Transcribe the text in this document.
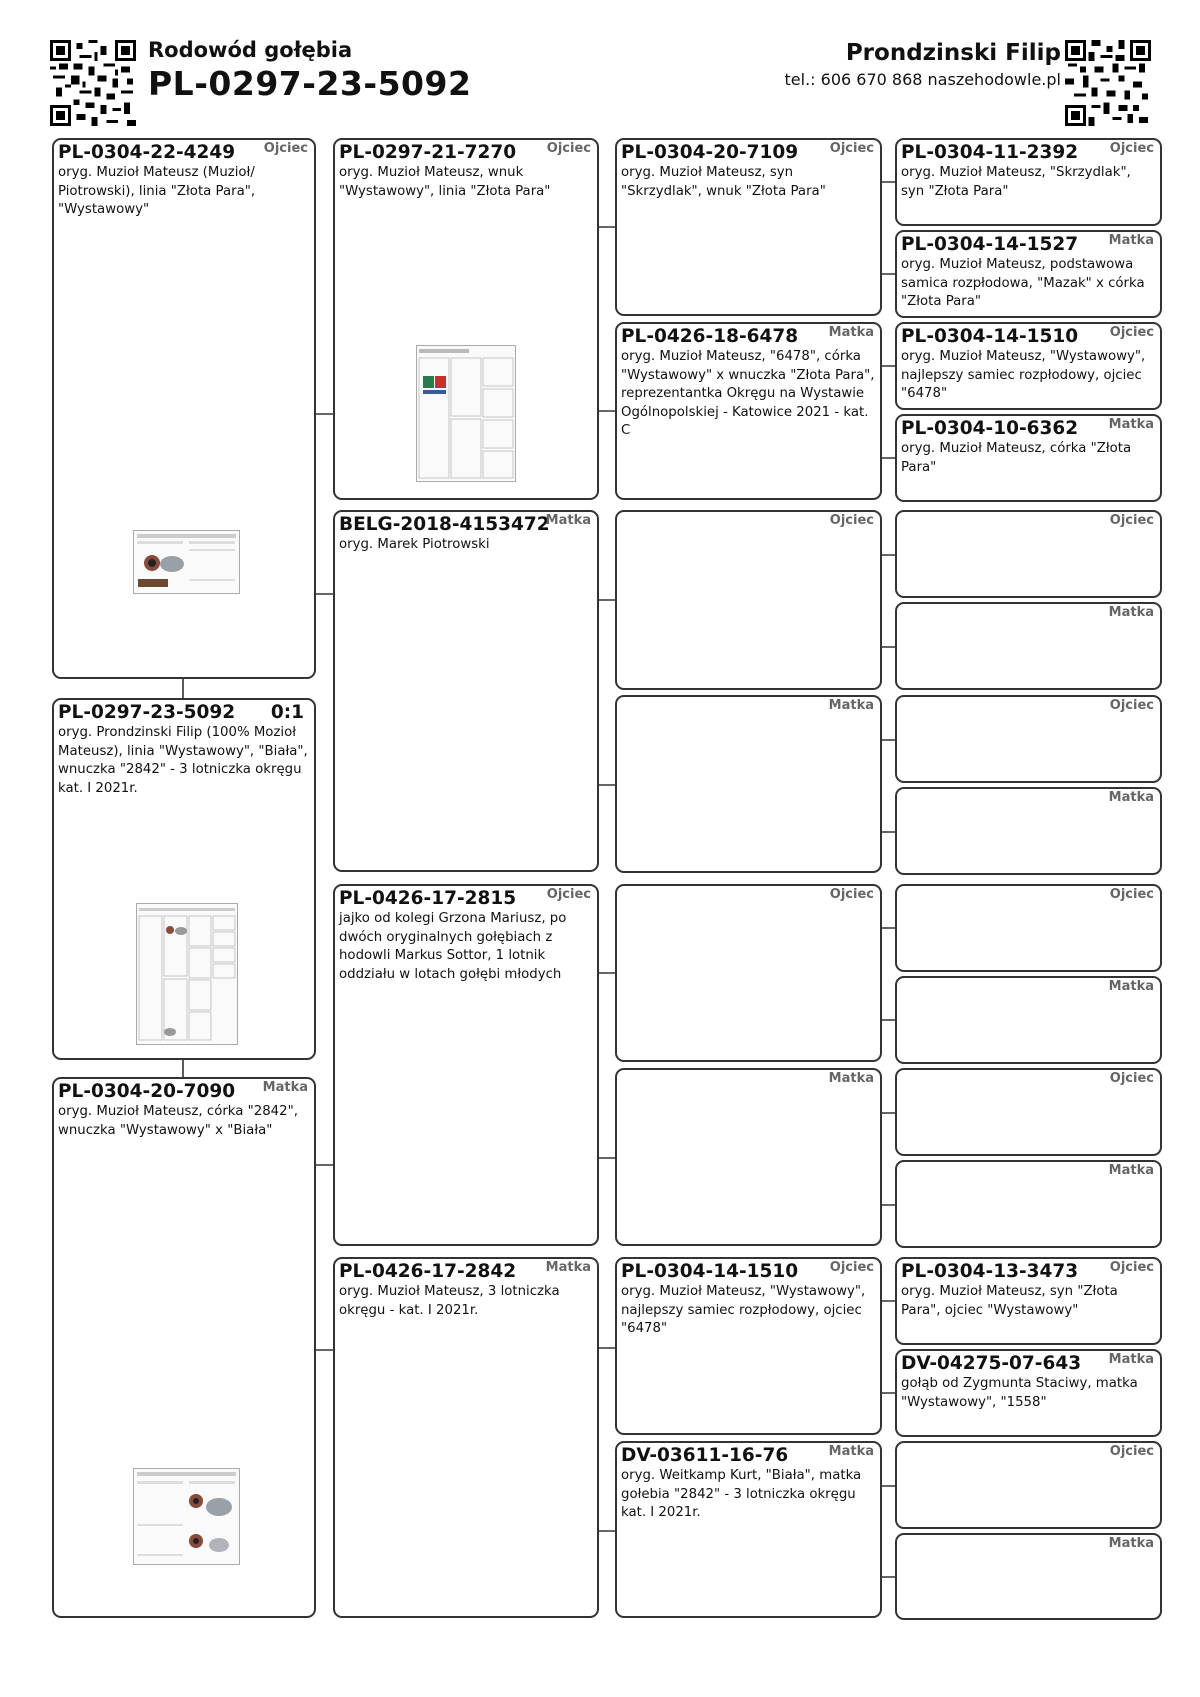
Rodowód gołębia
PL-0297-23-5092
Prondzinski Filip
tel.: 606 670 868 naszehodowle.pl
PL-0304-22-4249	Ojciec
oryg. Muzioł Mateusz (Muzioł/ Piotrowski), linia "Złota Para", "Wystawowy"
PL-0297-23-5092	0:1
oryg. Prondzinski Filip (100% Mozioł Mateusz), linia "Wystawowy", "Biała", wnuczka "2842" - 3 lotniczka okręgu kat. I 2021r.
PL-0304-20-7090	Matka
oryg. Muzioł Mateusz, córka "2842", wnuczka "Wystawowy" x "Biała"
PL-0297-21-7270	Ojciec
oryg. Muzioł Mateusz, wnuk "Wystawowy", linia "Złota Para"
BELG-2018-4153472
Matka
oryg. Marek Piotrowski
PL-0426-17-2815	Ojciec
jajko od kolegi Grzona Mariusz, po dwóch oryginalnych gołębiach z hodowli Markus Sottor, 1 lotnik oddziału w lotach gołębi młodych
PL-0426-17-2842	Matka
oryg. Muzioł Mateusz, 3 lotniczka okręgu - kat. I 2021r.
PL-0304-20-7109	Ojciec
oryg. Muzioł Mateusz, syn "Skrzydlak", wnuk "Złota Para"
PL-0426-18-6478	Matka
oryg. Muzioł Mateusz, "6478", córka "Wystawowy" x wnuczka "Złota Para", reprezentantka Okręgu na Wystawie Ogólnopolskiej - Katowice 2021 - kat. C
Ojciec
Matka
Ojciec
Matka
PL-0304-14-1510	Ojciec
oryg. Muzioł Mateusz, "Wystawowy", najlepszy samiec rozpłodowy, ojciec "6478"
DV-03611-16-76	Matka
oryg. Weitkamp Kurt, "Biała", matka gołebia "2842" - 3 lotniczka okręgu kat. I 2021r.
PL-0304-11-2392	Ojciec
oryg. Muzioł Mateusz, "Skrzydlak", syn "Złota Para"
PL-0304-14-1527	Matka
oryg. Muzioł Mateusz, podstawowa samica rozpłodowa, "Mazak" x córka "Złota Para"
PL-0304-14-1510	Ojciec
oryg. Muzioł Mateusz, "Wystawowy", najlepszy samiec rozpłodowy, ojciec "6478"
PL-0304-10-6362	Matka
oryg. Muzioł Mateusz, córka "Złota Para"
Ojciec
Matka
Ojciec
Matka
Ojciec
Matka
Ojciec
Matka
PL-0304-13-3473	Ojciec
oryg. Muzioł Mateusz, syn "Złota Para", ojciec "Wystawowy"
DV-04275-07-643	Matka
gołąb od Zygmunta Staciwy, matka "Wystawowy", "1558"
Ojciec
Matka
